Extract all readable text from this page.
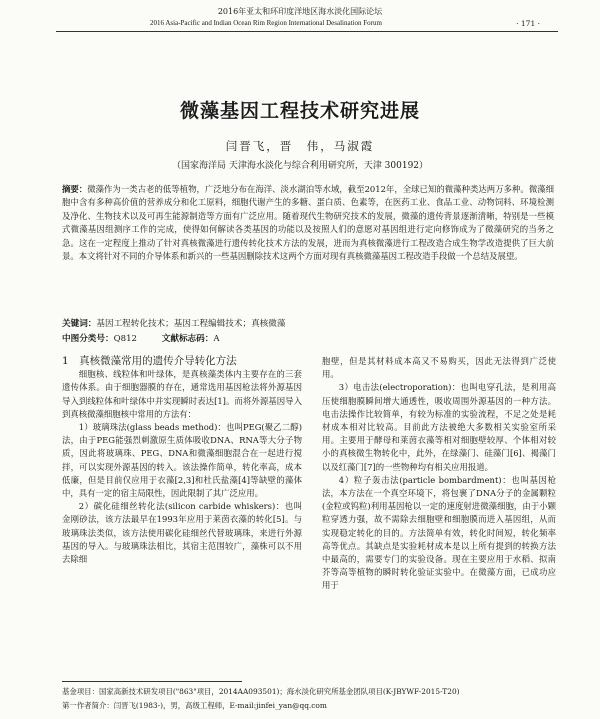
2016年亚太和环印度洋地区海水淡化国际论坛
2016 Asia-Pacific and Indian Ocean Rim Region International Desalination Forum	· 171 ·
微藻基因工程技术研究进展
闫晋飞，晋　伟，马淑霞
（国家海洋局 天津海水淡化与综合利用研究所，天津 300192）
摘要：微藻作为一类古老的低等植物，广泛地分布在海洋、淡水湖泊等水域，截至2012年，全球已知的微藻种类达两万多种。微藻细胞中含有多种高价值的营养成分和化工原料，细胞代谢产生的多糖、蛋白质、色素等，在医药工业、食品工业、动物饲料、环境检测及净化、生物技术以及可再生能源制造等方面有广泛应用。随着现代生物研究技术的发展，微藻的遗传背景逐渐清晰，特别是一些模式微藻基因组测序工作的完成，使得如何解读各类基因的功能以及按照人们的意愿对基因组进行定向修饰成为了微藻研究的当务之急。这在一定程度上推动了针对真核微藻进行遗传转化技术方法的发展，进而为真核微藻进行工程改造合成生物学改造提供了巨大前景。本文将针对不同的介导体系和新兴的一些基因删除技术这两个方面对现有真核微藻基因工程改造手段做一个总结及展望。
关键词：基因工程转化技术；基因工程编辑技术；真核微藻
中图分类号：Q812	文献标志码：A

1　真核微藻常用的遗传介导转化方法

细胞核、线粒体和叶绿体，是真核藻类体内主要存在的三套遗传体系。由于细胞器膜的存在，通常选用基因枪法将外源基因导入到线粒体和叶绿体中并实现瞬时表达[1]。而将外源基因导入到真核微藻细胞核中常用的方法有：

1）玻璃珠法(glass beads method)：也叫PEG(聚乙二醇)法，由于PEG能强烈刺激原生质体吸收DNA、RNA等大分子物质，因此将玻璃珠、PEG、DNA和微藻细胞混合在一起进行搅拌，可以实现外源基因的转入。该法操作简单，转化率高，成本低廉，但是目前仅应用于衣藻[2,3]和杜氏盐藻[4]等缺壁的藻体中，具有一定的宿主局限性，因此限制了其广泛应用。

2）碳化硅细丝转化法(silicon carbide whiskers)：也叫金刚砂法，该方法最早在1993年应用于莱茵衣藻的转化[5]。与玻璃珠法类似，该方法使用碳化硅细丝代替玻璃珠，来进行外源基因的导入。与玻璃珠法相比，其宿主范围较广，藻株可以不用去除细

胞壁，但是其材料成本高又不易购买，因此无法得到广泛使用。

3）电击法(electroporation)：也叫电穿孔法，是利用高压使细胞膜瞬间增大通透性，吸收周围外源基因的一种方法。电击法操作比较简单，有较为标准的实验流程，不足之处是耗材成本相对比较高。目前此方法被绝大多数相关实验室所采用。主要用于酵母和莱茵衣藻等相对细胞壁较厚、个体相对较小的真核微生物转化中，此外，在绿藻门、硅藻门[6]、褐藻门以及红藻门[7]的一些物种均有相关应用报道。

4）粒子轰击法(particle bombardment)：也叫基因枪法，本方法在一个真空环境下，将包裹了DNA分子的金属颗粒(金粒或钨粒)利用基因枪以一定的速度射进微藻细胞，由于小颗粒穿透力强，故不需除去细胞壁和细胞膜而进入基因组，从而实现稳定转化的目的。方法简单有效，转化时间短，转化频率高等优点。其缺点是实验耗材成本是以上所有提到的转换方法中最高的，需要专门的实验设备。现在主要应用于水稻、拟南芥等高等植物的瞬时转化验证实验中。在微藻方面，已成功应用于

基金项目：国家高新技术研发项目("863"项目，2014AA093501)；海水淡化研究所基金团队项目(K-JBYWF-2015-T20)
第一作者简介：闫晋飞(1983-)，男，高级工程师，E-mail:jinfei_yan@qq.com
